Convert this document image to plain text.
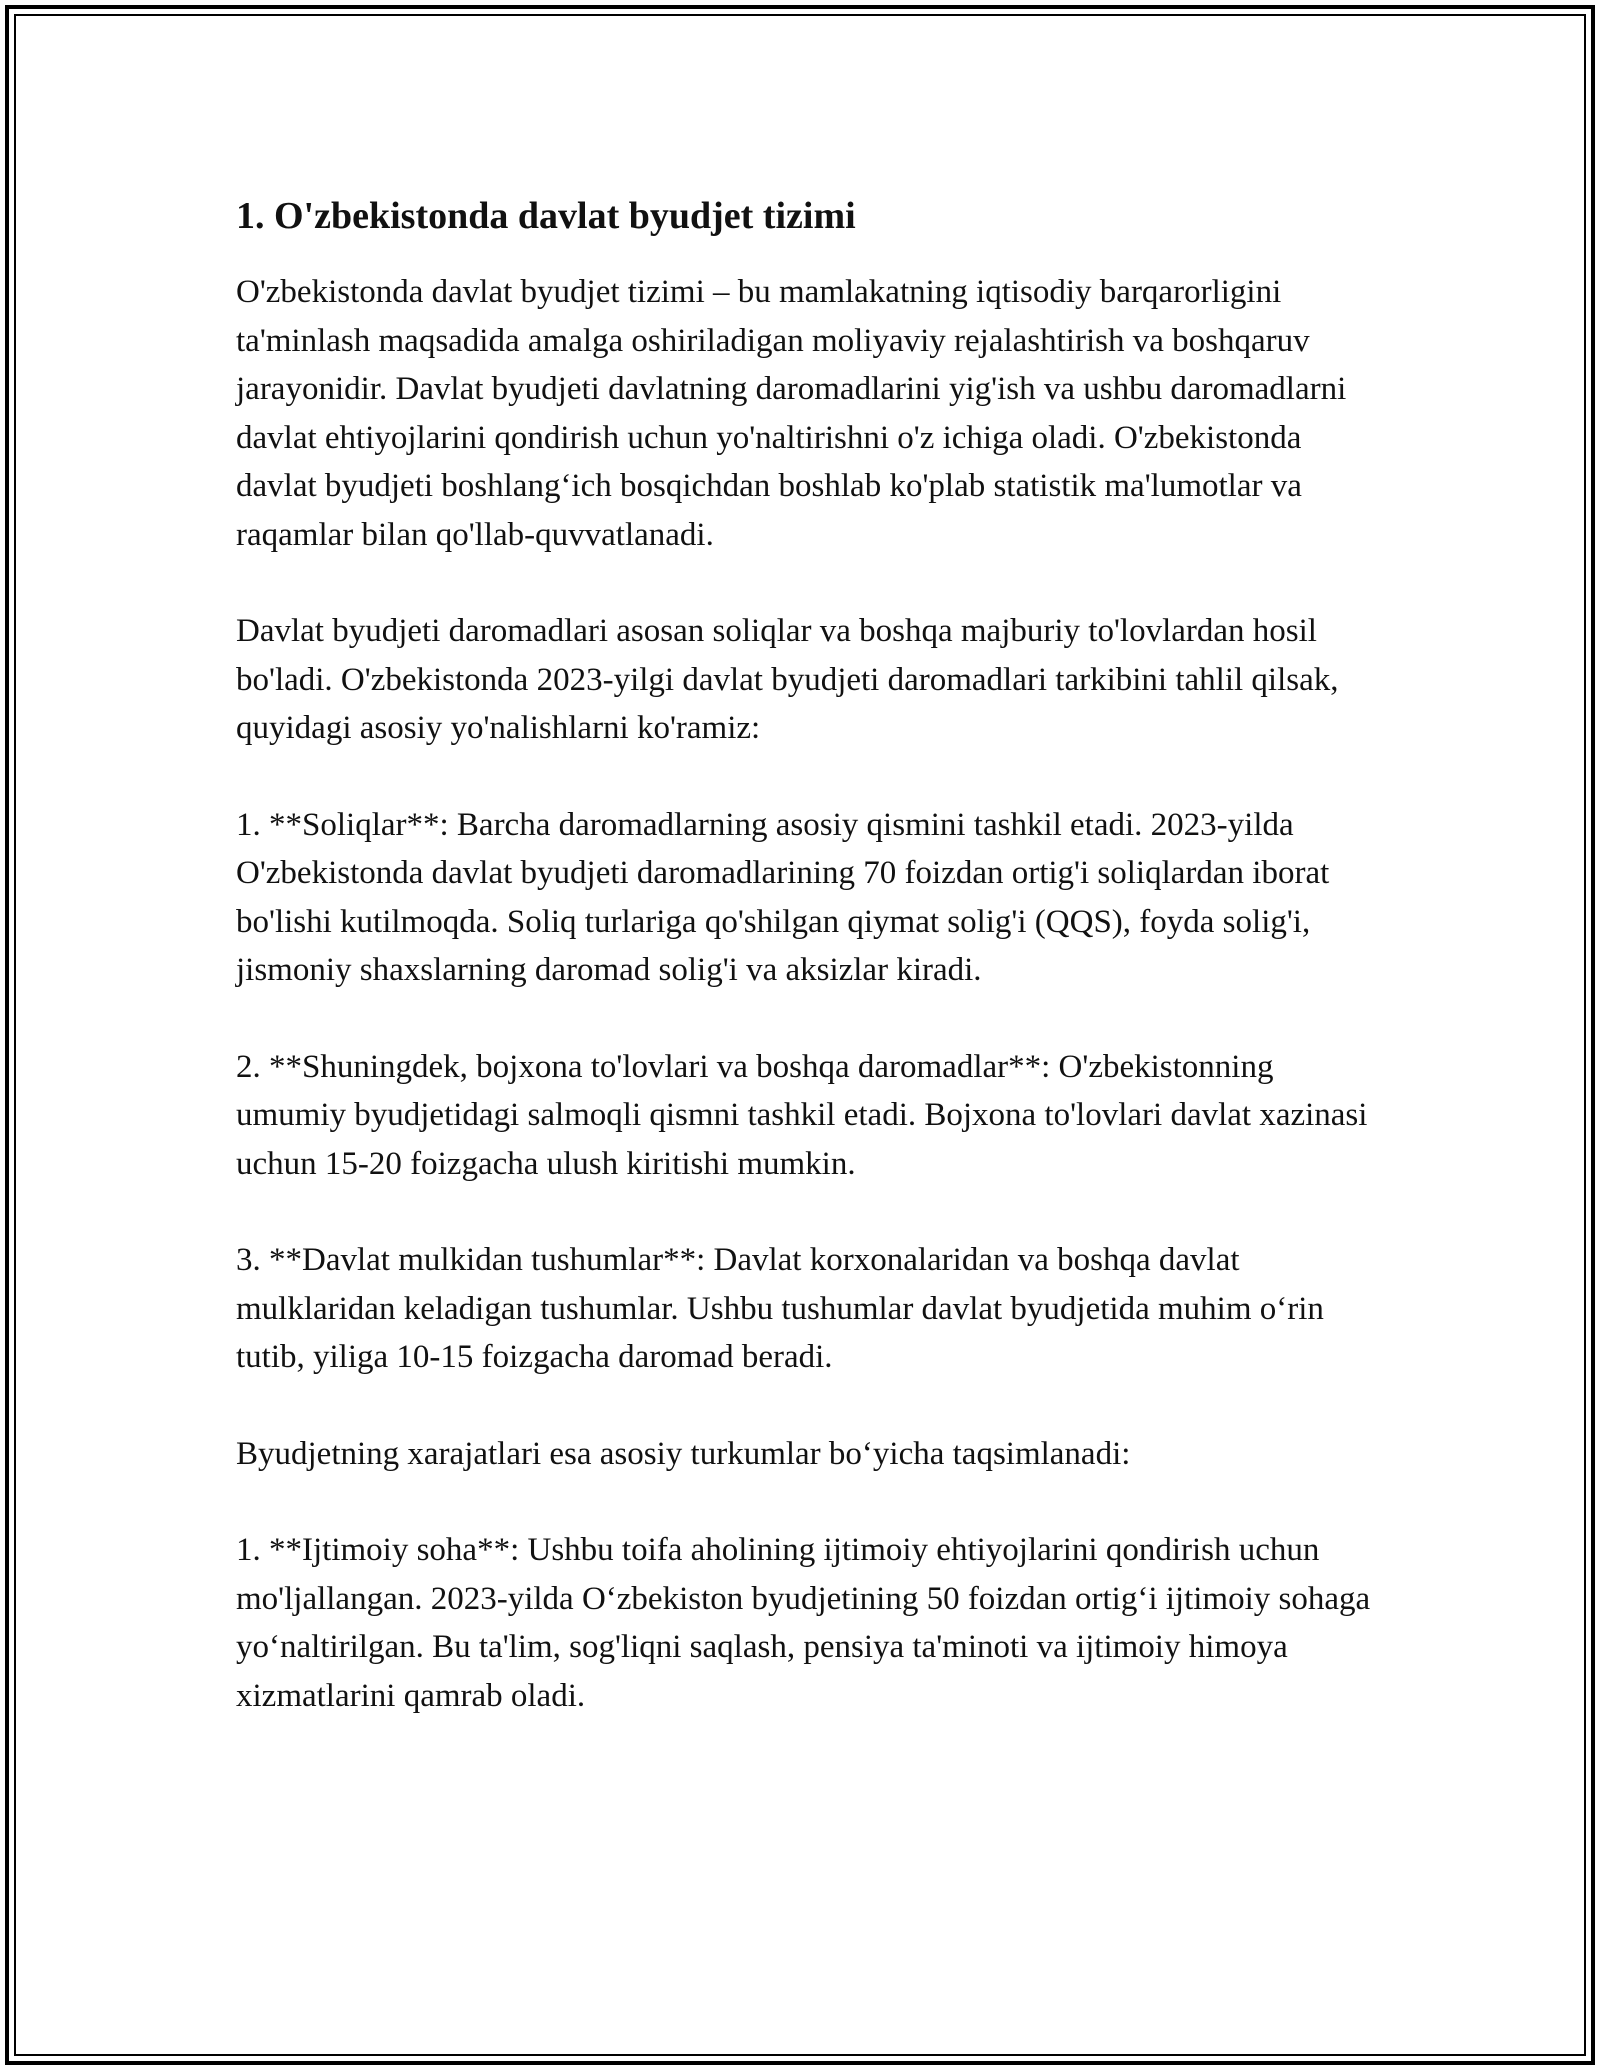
1. O'zbekistonda davlat byudjet tizimi

O'zbekistonda davlat byudjet tizimi – bu mamlakatning iqtisodiy barqarorligini ta'minlash maqsadida amalga oshiriladigan moliyaviy rejalashtirish va boshqaruv jarayonidir. Davlat byudjeti davlatning daromadlarini yig'ish va ushbu daromadlarni davlat ehtiyojlarini qondirish uchun yo'naltirishni o'z ichiga oladi. O'zbekistonda davlat byudjeti boshlang‘ich bosqichdan boshlab ko'plab statistik ma'lumotlar va raqamlar bilan qo'llab-quvvatlanadi.

Davlat byudjeti daromadlari asosan soliqlar va boshqa majburiy to'lovlardan hosil bo'ladi. O'zbekistonda 2023-yilgi davlat byudjeti daromadlari tarkibini tahlil qilsak, quyidagi asosiy yo'nalishlarni ko'ramiz:

1. **Soliqlar**: Barcha daromadlarning asosiy qismini tashkil etadi. 2023-yilda O'zbekistonda davlat byudjeti daromadlarining 70 foizdan ortig'i soliqlardan iborat bo'lishi kutilmoqda. Soliq turlariga qo'shilgan qiymat solig'i (QQS), foyda solig'i, jismoniy shaxslarning daromad solig'i va aksizlar kiradi.

2. **Shuningdek, bojxona to'lovlari va boshqa daromadlar**: O'zbekistonning umumiy byudjetidagi salmoqli qismni tashkil etadi. Bojxona to'lovlari davlat xazinasi uchun 15-20 foizgacha ulush kiritishi mumkin.

3. **Davlat mulkidan tushumlar**: Davlat korxonalaridan va boshqa davlat mulklaridan keladigan tushumlar. Ushbu tushumlar davlat byudjetida muhim o‘rin tutib, yiliga 10-15 foizgacha daromad beradi.

Byudjetning xarajatlari esa asosiy turkumlar bo‘yicha taqsimlanadi:

1. **Ijtimoiy soha**: Ushbu toifa aholining ijtimoiy ehtiyojlarini qondirish uchun mo'ljallangan. 2023-yilda O‘zbekiston byudjetining 50 foizdan ortig‘i ijtimoiy sohaga yo‘naltirilgan. Bu ta'lim, sog'liqni saqlash, pensiya ta'minoti va ijtimoiy himoya xizmatlarini qamrab oladi.
